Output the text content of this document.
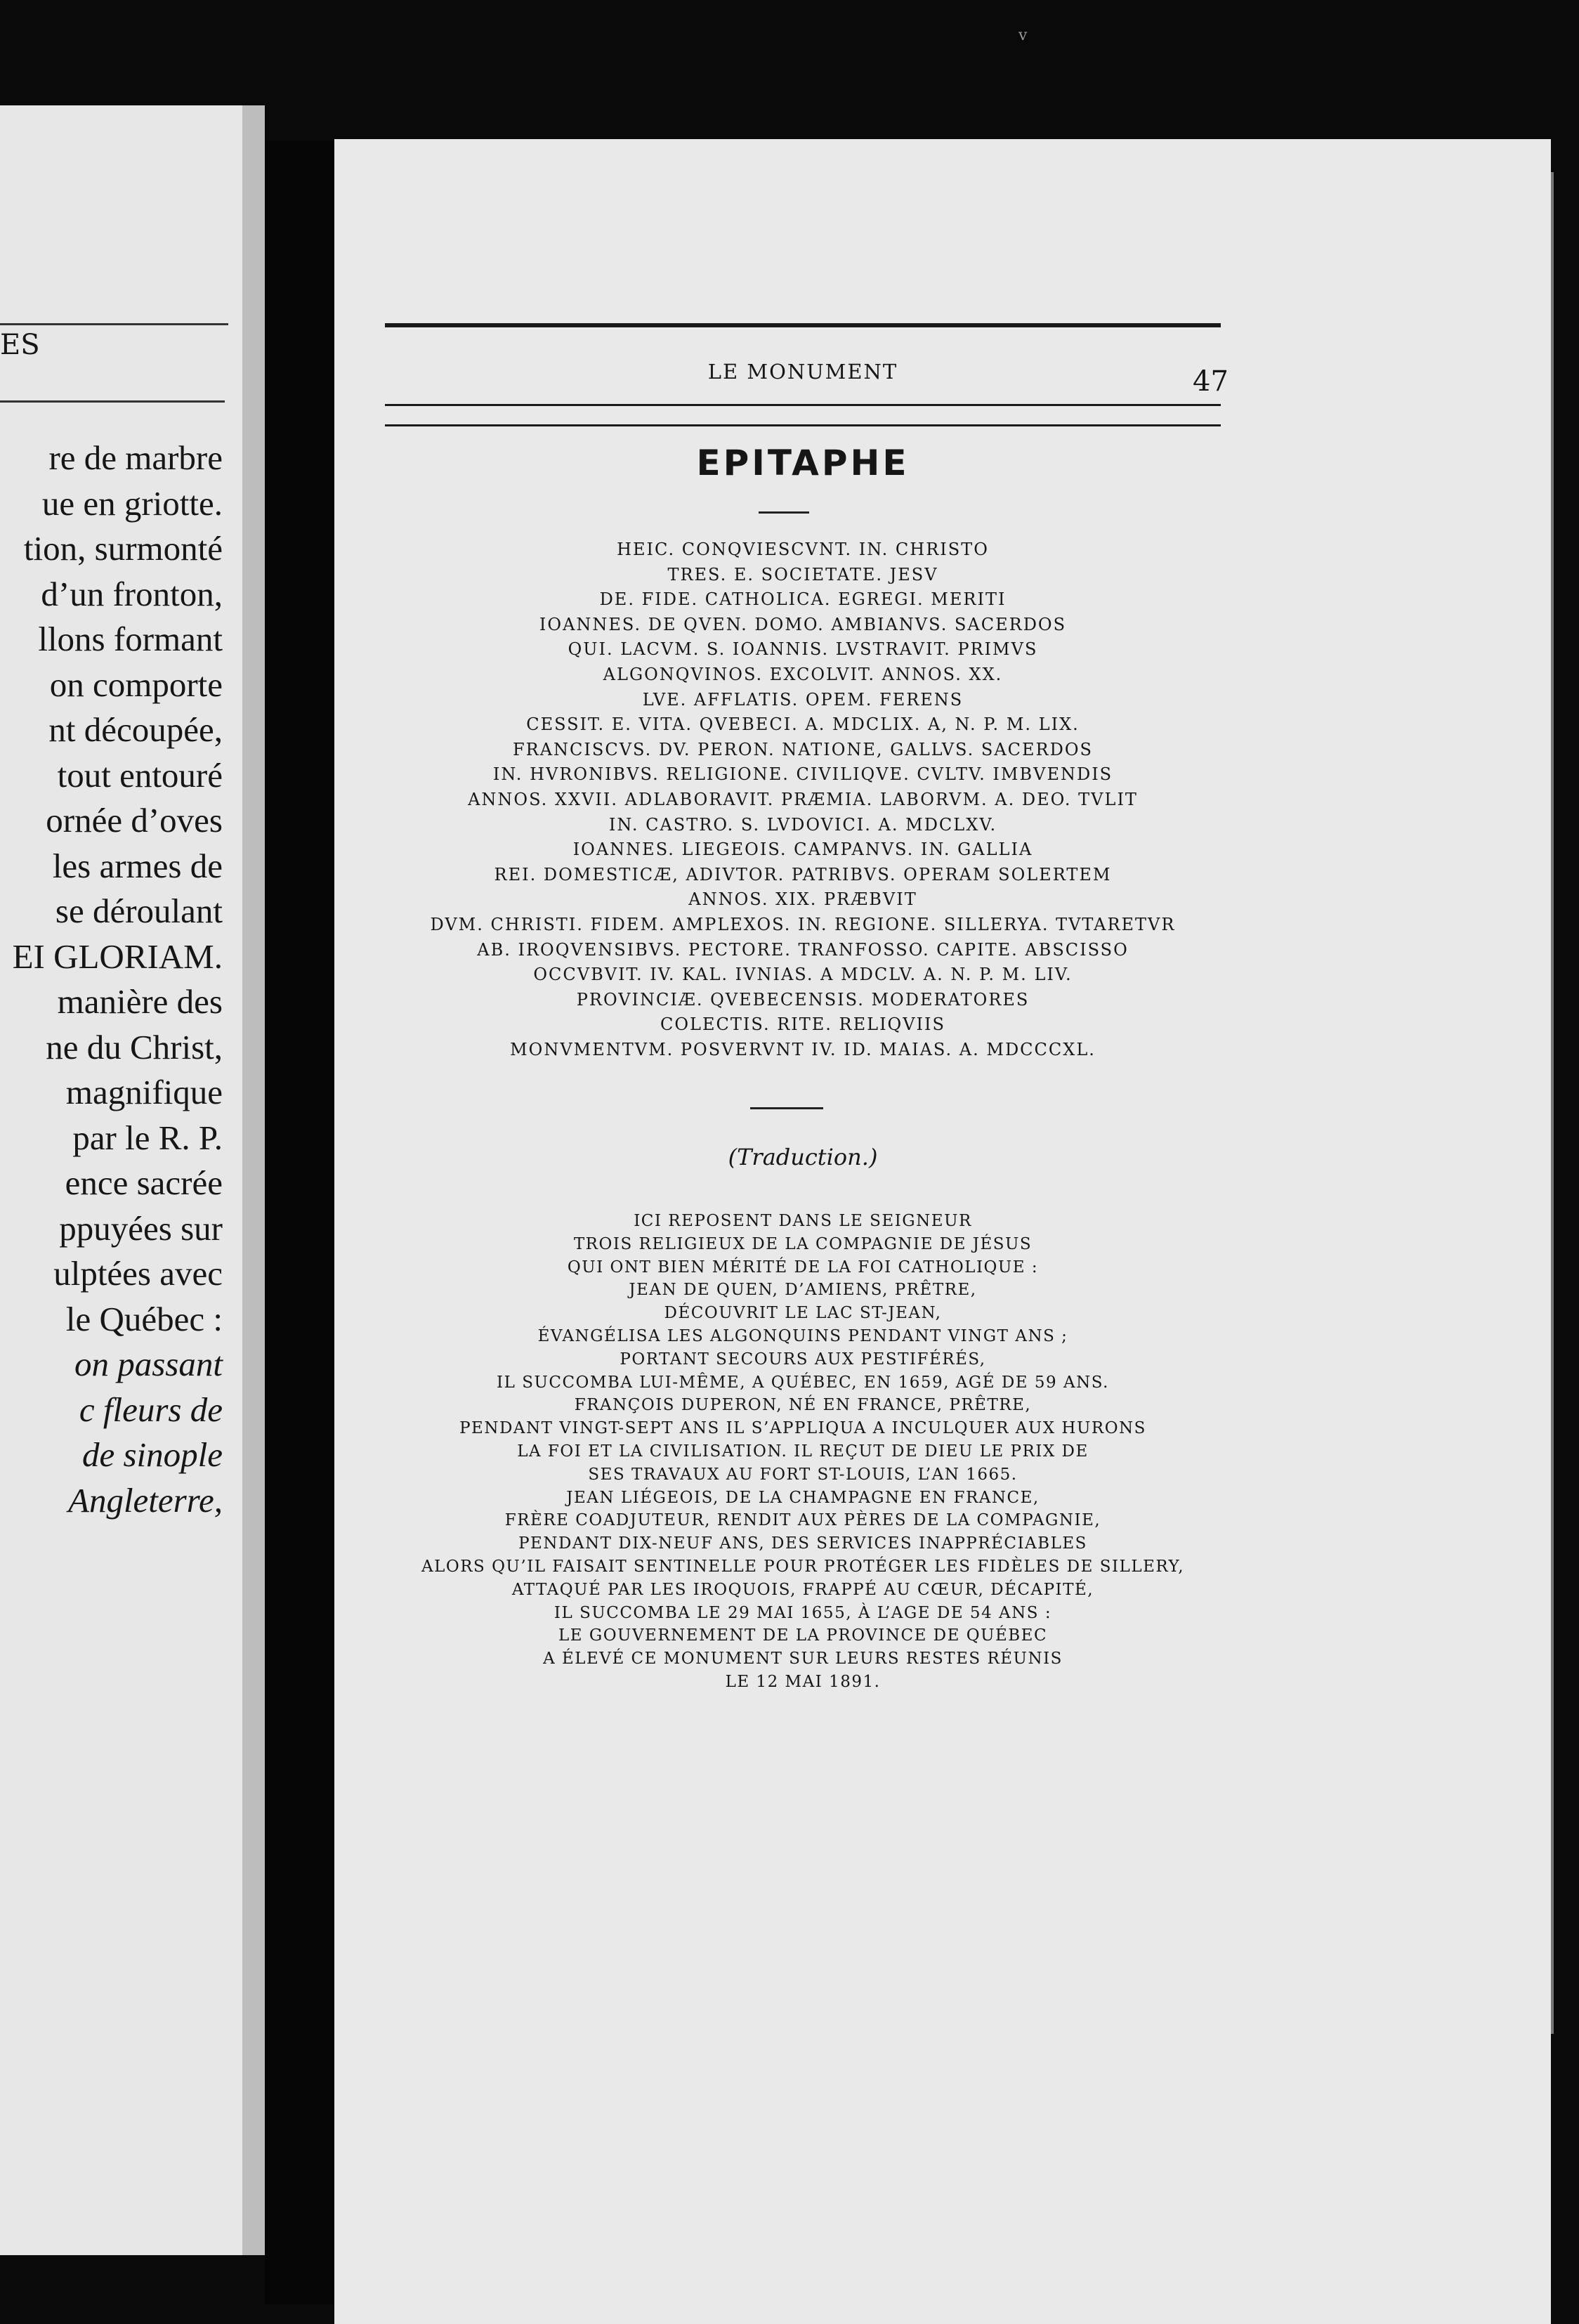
v
ES
re de marbre
ue en griotte.
tion, surmonté
d’un fronton,
llons formant
on comporte
nt découpée,
tout entouré
ornée d’oves
les armes de
se déroulant
EI GLORIAM.
manière des
ne du Christ,
magnifique
par le R. P.
ence sacrée
ppuyées sur
ulptées avec
le Québec :
on passant
c fleurs de
de sinople
Angleterre,
LE MONUMENT	47
EPITAPHE
HEIC. CONQVIESCVNT. IN. CHRISTO
TRES. E. SOCIETATE. JESV
DE. FIDE. CATHOLICA. EGREGI. MERITI
IOANNES. DE QVEN. DOMO. AMBIANVS. SACERDOS
QUI. LACVM. S. IOANNIS. LVSTRAVIT. PRIMVS
ALGONQVINOS. EXCOLVIT. ANNOS. XX.
LVE. AFFLATIS. OPEM. FERENS
CESSIT. E. VITA. QVEBECI. A. MDCLIX. A, N. P. M. LIX.
FRANCISCVS. DV. PERON. NATIONE, GALLVS. SACERDOS
IN. HVRONIBVS. RELIGIONE. CIVILIQVE. CVLTV. IMBVENDIS
ANNOS. XXVII. ADLABORAVIT. PRÆMIA. LABORVM. A. DEO. TVLIT
IN. CASTRO. S. LVDOVICI. A. MDCLXV.
IOANNES. LIEGEOIS. CAMPANVS. IN. GALLIA
REI. DOMESTICÆ, ADIVTOR. PATRIBVS. OPERAM SOLERTEM
ANNOS. XIX. PRÆBVIT
DVM. CHRISTI. FIDEM. AMPLEXOS. IN. REGIONE. SILLERYA. TVTARETVR
AB. IROQVENSIBVS. PECTORE. TRANFOSSO. CAPITE. ABSCISSO
OCCVBVIT. IV. KAL. IVNIAS. A MDCLV. A. N. P. M. LIV.
PROVINCIÆ. QVEBECENSIS. MODERATORES
COLECTIS. RITE. RELIQVIIS
MONVMENTVM. POSVERVNT IV. ID. MAIAS. A. MDCCCXL.
(Traduction.)
ICI REPOSENT DANS LE SEIGNEUR
TROIS RELIGIEUX DE LA COMPAGNIE DE JÉSUS
QUI ONT BIEN MÉRITÉ DE LA FOI CATHOLIQUE :
JEAN DE QUEN, D’AMIENS, PRÊTRE,
DÉCOUVRIT LE LAC ST-JEAN,
ÉVANGÉLISA LES ALGONQUINS PENDANT VINGT ANS ;
PORTANT SECOURS AUX PESTIFÉRÉS,
IL SUCCOMBA LUI-MÊME, A QUÉBEC, EN 1659, AGÉ DE 59 ANS.
FRANÇOIS DUPERON, NÉ EN FRANCE, PRÊTRE,
PENDANT VINGT-SEPT ANS IL S’APPLIQUA A INCULQUER AUX HURONS
LA FOI ET LA CIVILISATION. IL REÇUT DE DIEU LE PRIX DE
SES TRAVAUX AU FORT ST-LOUIS, L’AN 1665.
JEAN LIÉGEOIS, DE LA CHAMPAGNE EN FRANCE,
FRÈRE COADJUTEUR, RENDIT AUX PÈRES DE LA COMPAGNIE,
PENDANT DIX-NEUF ANS, DES SERVICES INAPPRÉCIABLES
ALORS QU’IL FAISAIT SENTINELLE POUR PROTÉGER LES FIDÈLES DE SILLERY,
ATTAQUÉ PAR LES IROQUOIS, FRAPPÉ AU CŒUR, DÉCAPITÉ,
IL SUCCOMBA LE 29 MAI 1655, À L’AGE DE 54 ANS :
LE GOUVERNEMENT DE LA PROVINCE DE QUÉBEC
A ÉLEVÉ CE MONUMENT SUR LEURS RESTES RÉUNIS
LE 12 MAI 1891.
